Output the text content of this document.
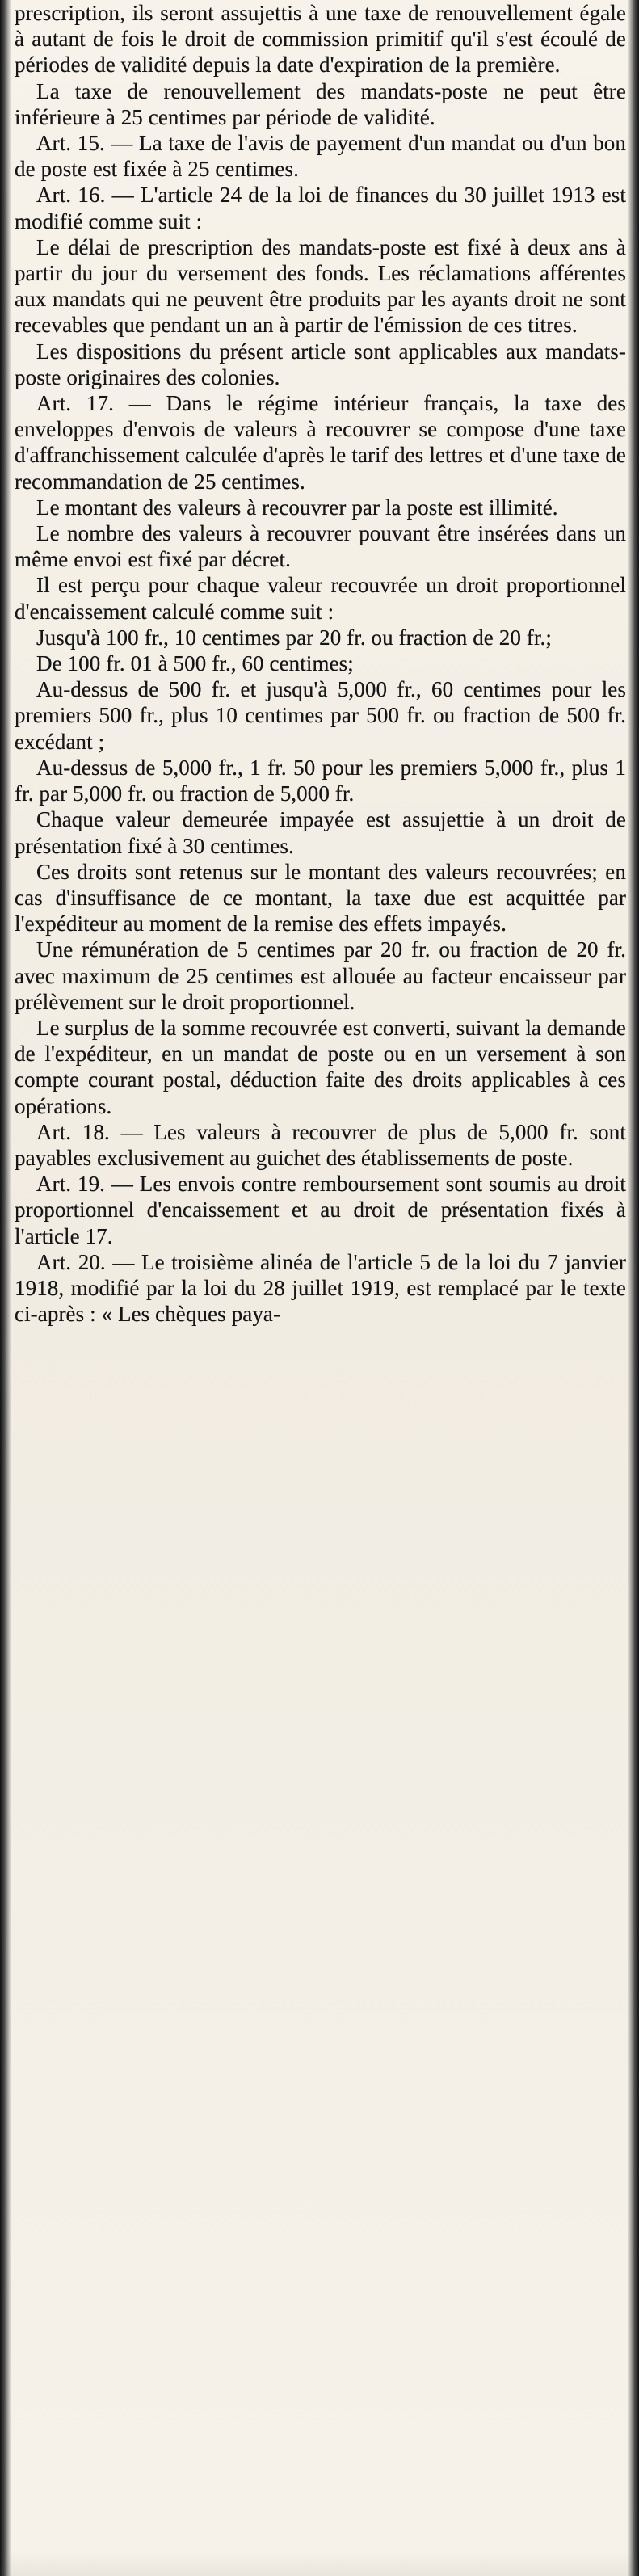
prescription, ils seront assujettis à une taxe de renouvellement égale à autant de fois le droit de commission primitif qu'il s'est écoulé de périodes de validité depuis la date d'expiration de la première.

La taxe de renouvellement des mandats-poste ne peut être inférieure à 25 centimes par période de validité.

Art. 15. — La taxe de l'avis de payement d'un mandat ou d'un bon de poste est fixée à 25 centimes.

Art. 16. — L'article 24 de la loi de finances du 30 juillet 1913 est modifié comme suit :

Le délai de prescription des mandats-poste est fixé à deux ans à partir du jour du versement des fonds. Les réclamations afférentes aux mandats qui ne peuvent être produits par les ayants droit ne sont recevables que pendant un an à partir de l'émission de ces titres.

Les dispositions du présent article sont applicables aux mandats-poste originaires des colonies.

Art. 17. — Dans le régime intérieur français, la taxe des enveloppes d'envois de valeurs à recouvrer se compose d'une taxe d'affranchissement calculée d'après le tarif des lettres et d'une taxe de recommandation de 25 centimes.

Le montant des valeurs à recouvrer par la poste est illimité.

Le nombre des valeurs à recouvrer pouvant être insérées dans un même envoi est fixé par décret.

Il est perçu pour chaque valeur recouvrée un droit proportionnel d'encaissement calculé comme suit :

Jusqu'à 100 fr., 10 centimes par 20 fr. ou fraction de 20 fr.;

De 100 fr. 01 à 500 fr., 60 centimes;

Au-dessus de 500 fr. et jusqu'à 5,000 fr., 60 centimes pour les premiers 500 fr., plus 10 centimes par 500 fr. ou fraction de 500 fr. excédant ;

Au-dessus de 5,000 fr., 1 fr. 50 pour les premiers 5,000 fr., plus 1 fr. par 5,000 fr. ou fraction de 5,000 fr.

Chaque valeur demeurée impayée est assujettie à un droit de présentation fixé à 30 centimes.

Ces droits sont retenus sur le montant des valeurs recouvrées; en cas d'insuffisance de ce montant, la taxe due est acquittée par l'expéditeur au moment de la remise des effets impayés.

Une rémunération de 5 centimes par 20 fr. ou fraction de 20 fr. avec maximum de 25 centimes est allouée au facteur encaisseur par prélèvement sur le droit proportionnel.

Le surplus de la somme recouvrée est converti, suivant la demande de l'expéditeur, en un mandat de poste ou en un versement à son compte courant postal, déduction faite des droits applicables à ces opérations.

Art. 18. — Les valeurs à recouvrer de plus de 5,000 fr. sont payables exclusivement au guichet des établissements de poste.

Art. 19. — Les envois contre remboursement sont soumis au droit proportionnel d'encaissement et au droit de présentation fixés à l'article 17.

Art. 20. — Le troisième alinéa de l'article 5 de la loi du 7 janvier 1918, modifié par la loi du 28 juillet 1919, est remplacé par le texte ci-après : « Les chèques paya-
